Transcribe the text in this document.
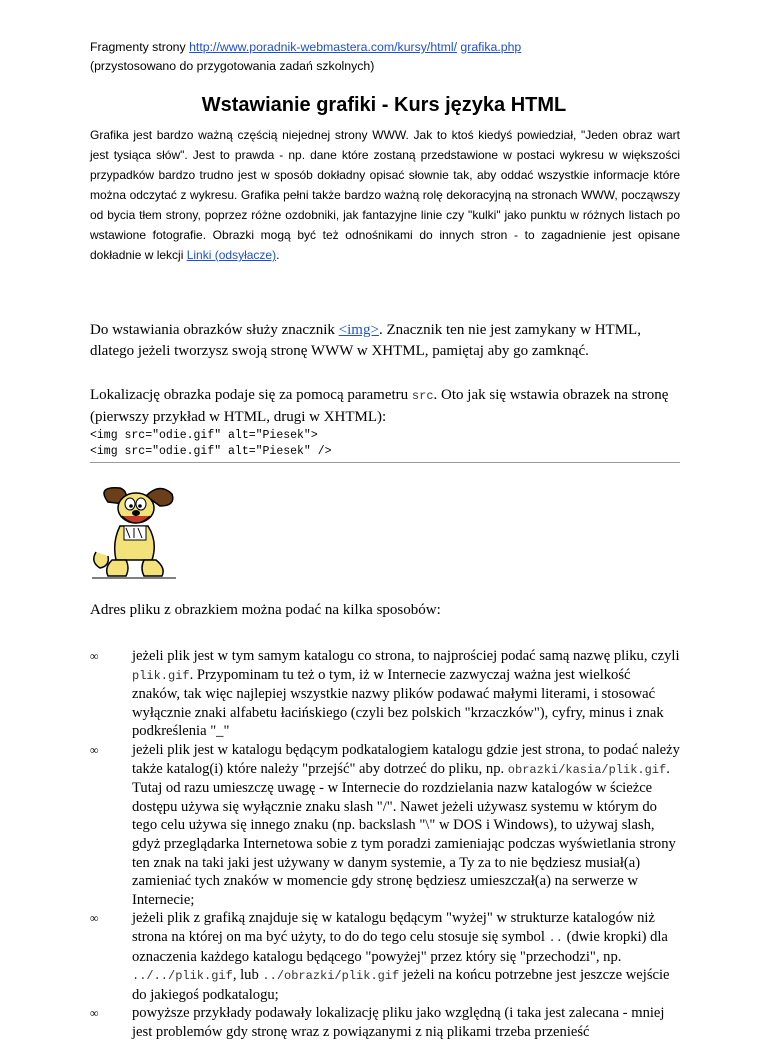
Fragmenty strony http://www.poradnik-webmastera.com/kursy/html/ grafika.php
(przystosowano do przygotowania zadań szkolnych)
Wstawianie grafiki - Kurs języka HTML
Grafika jest bardzo ważną częścią niejednej strony WWW. Jak to ktoś kiedyś powiedział, "Jeden obraz wart jest tysiąca słów". Jest to prawda - np. dane które zostaną przedstawione w postaci wykresu w większości przypadków bardzo trudno jest w sposób dokładny opisać słownie tak, aby oddać wszystkie informacje które można odczytać z wykresu. Grafika pełni także bardzo ważną rolę dekoracyjną na stronach WWW, począwszy od bycia tłem strony, poprzez różne ozdobniki, jak fantazyjne linie czy "kulki" jako punktu w różnych listach po wstawione fotografie. Obrazki mogą być też odnośnikami do innych stron - to zagadnienie jest opisane dokładnie w lekcji Linki (odsyłacze).
Do wstawiania obrazków służy znacznik <img>. Znacznik ten nie jest zamykany w HTML, dlatego jeżeli tworzysz swoją stronę WWW w XHTML, pamiętaj aby go zamknąć.
Lokalizację obrazka podaje się za pomocą parametru src. Oto jak się wstawia obrazek na stronę (pierwszy przykład w HTML, drugi w XHTML):
<img src="odie.gif" alt="Piesek">
<img src="odie.gif" alt="Piesek" />
Adres pliku z obrazkiem można podać na kilka sposobów:
∞ jeżeli plik jest w tym samym katalogu co strona, to najprościej podać samą nazwę pliku, czyli plik.gif. Przypominam tu też o tym, iż w Internecie zazwyczaj ważna jest wielkość znaków, tak więc najlepiej wszystkie nazwy plików podawać małymi literami, i stosować wyłącznie znaki alfabetu łacińskiego (czyli bez polskich "krzaczków"), cyfry, minus i znak podkreślenia "_"
∞ jeżeli plik jest w katalogu będącym podkatalogiem katalogu gdzie jest strona, to podać należy także katalog(i) które należy "przejść" aby dotrzeć do pliku, np. obrazki/kasia/plik.gif. Tutaj od razu umieszczę uwagę - w Internecie do rozdzielania nazw katalogów w ścieżce dostępu używa się wyłącznie znaku slash "/". Nawet jeżeli używasz systemu w którym do tego celu używa się innego znaku (np. backslash "\" w DOS i Windows), to używaj slash, gdyż przeglądarka Internetowa sobie z tym poradzi zamieniając podczas wyświetlania strony ten znak na taki jaki jest używany w danym systemie, a Ty za to nie będziesz musiał(a) zamieniać tych znaków w momencie gdy stronę będziesz umieszczał(a) na serwerze w Internecie;
∞ jeżeli plik z grafiką znajduje się w katalogu będącym "wyżej" w strukturze katalogów niż strona na której on ma być użyty, to do do tego celu stosuje się symbol .. (dwie kropki) dla oznaczenia każdego katalogu będącego "powyżej" przez który się "przechodzi", np. ../../plik.gif, lub ../obrazki/plik.gif jeżeli na końcu potrzebne jest jeszcze wejście do jakiegoś podkatalogu;
∞ powyższe przykłady podawały lokalizację pliku jako względną (i taka jest zalecana - mniej jest problemów gdy stronę wraz z powiązanymi z nią plikami trzeba przenieść
